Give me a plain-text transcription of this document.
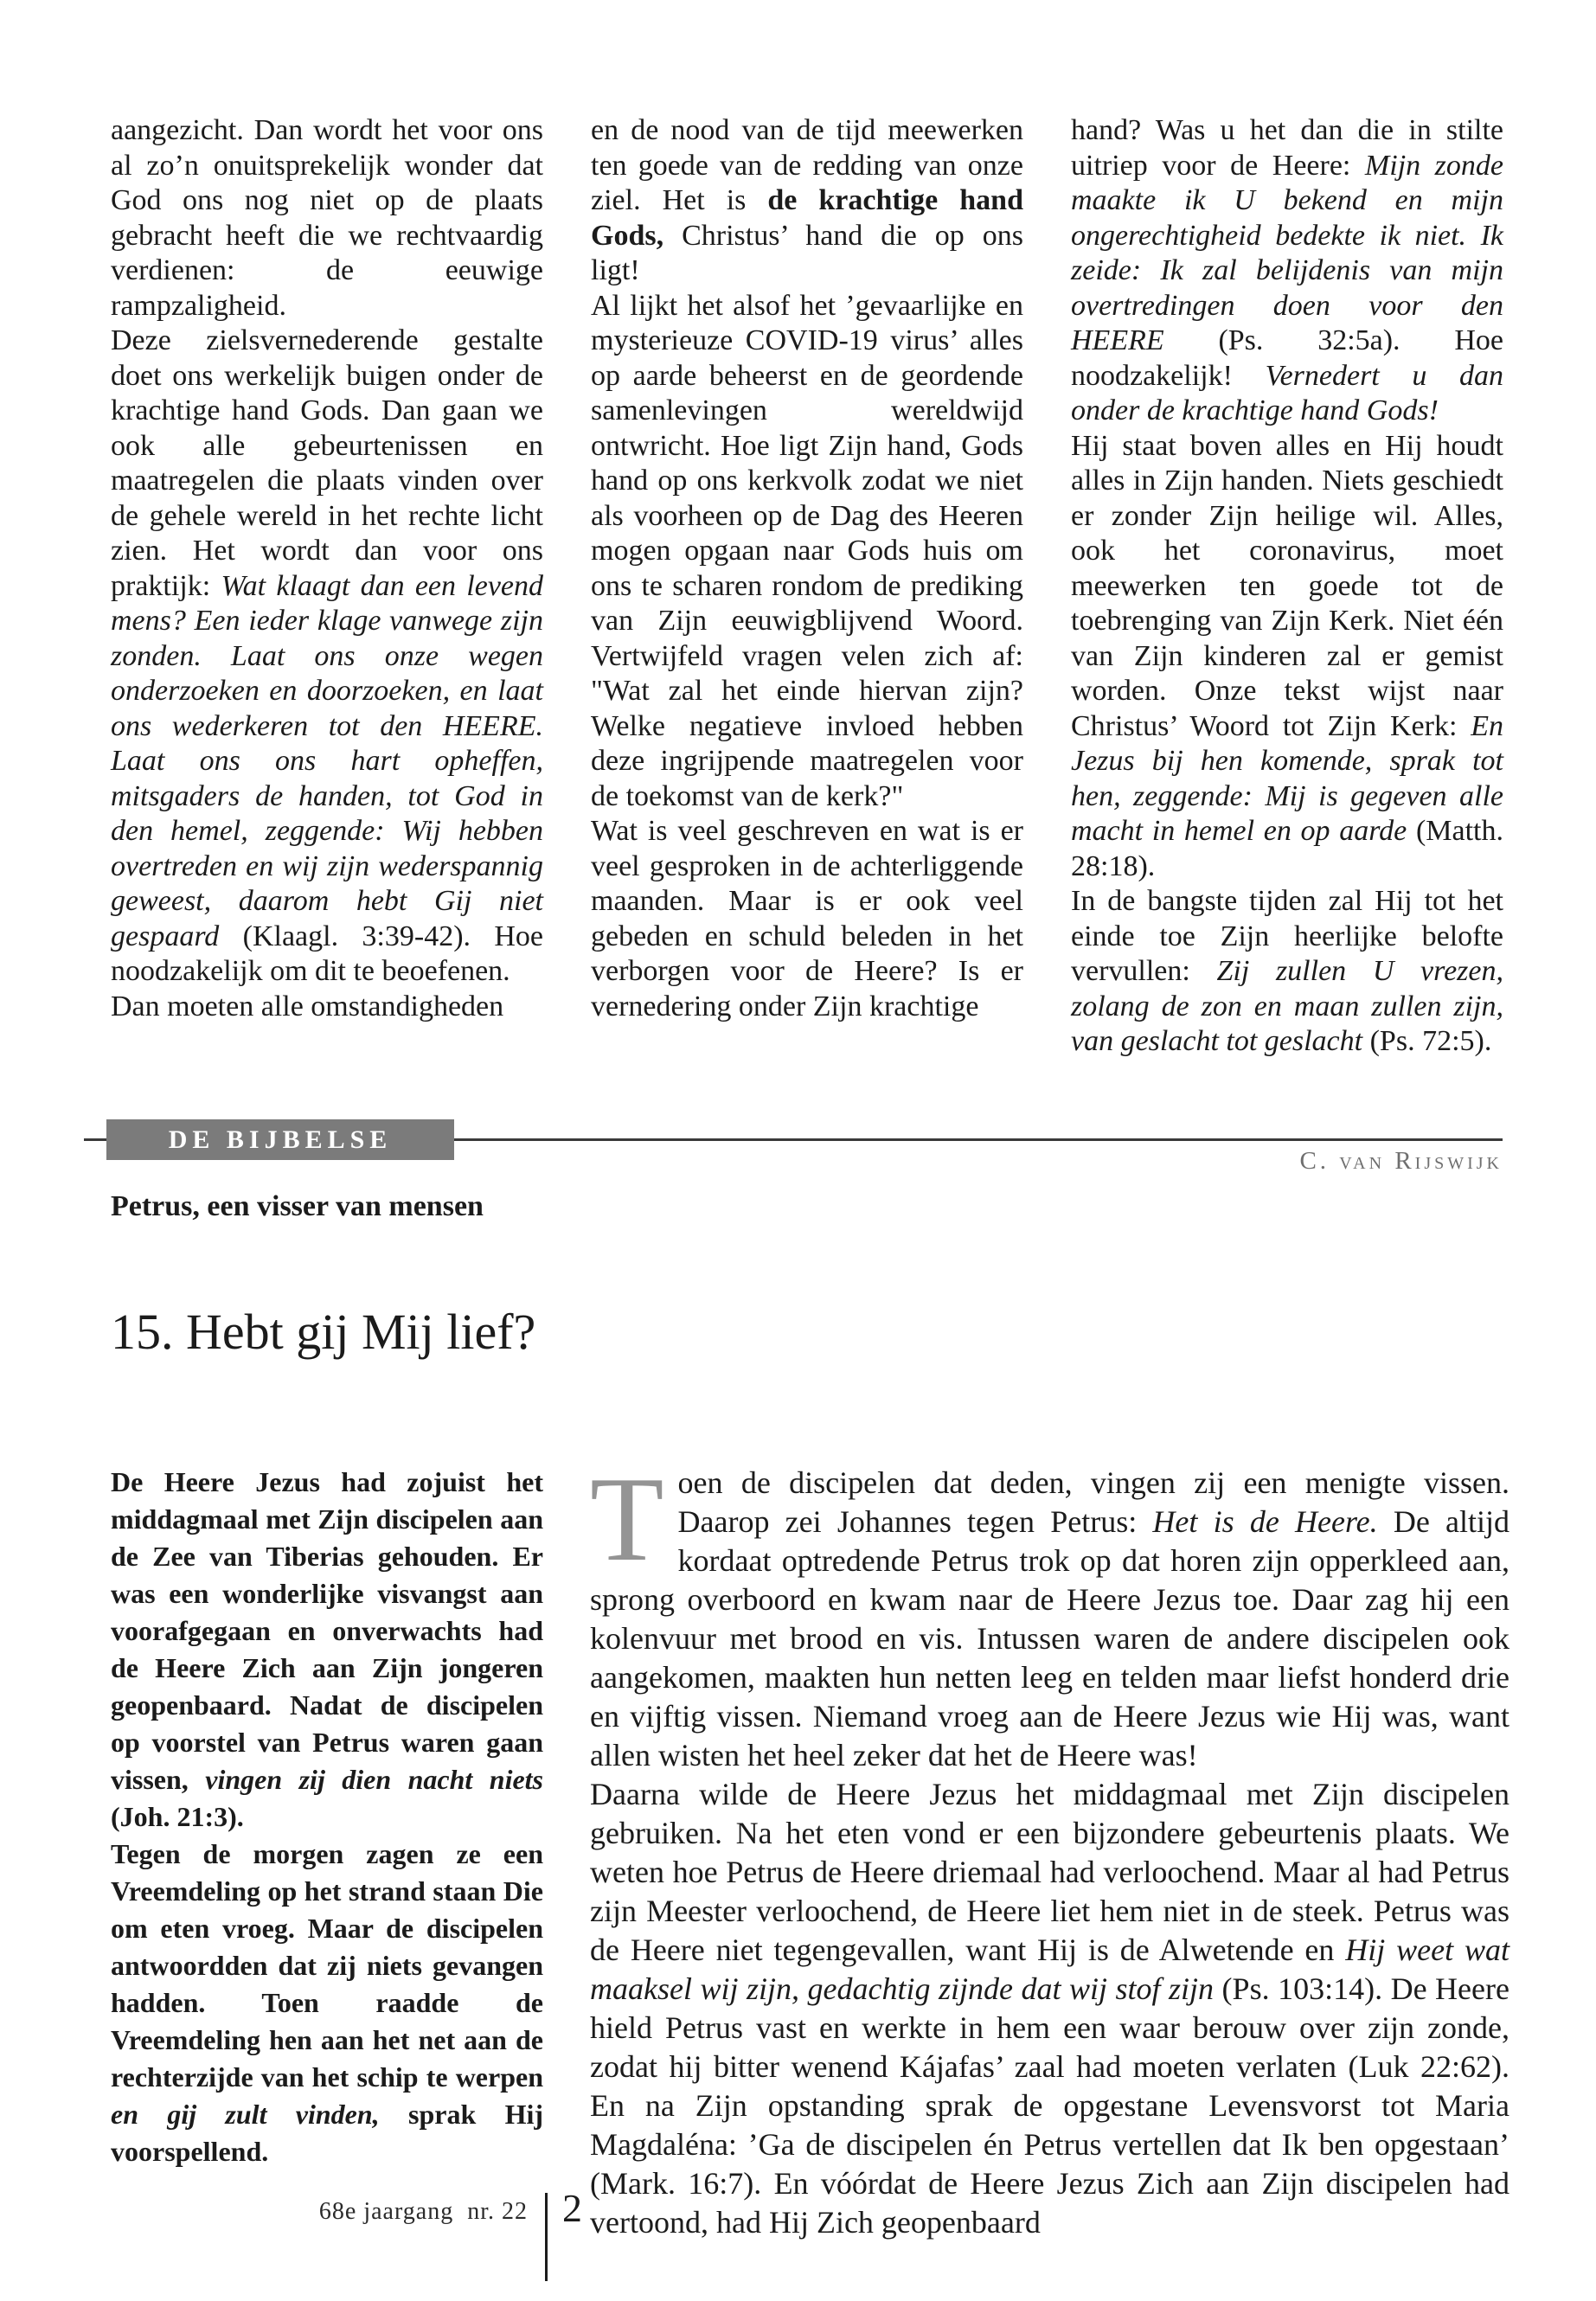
aangezicht. Dan wordt het voor ons al zo’n onuitsprekelijk wonder dat God ons nog niet op de plaats gebracht heeft die we rechtvaardig verdienen: de eeuwige rampzaligheid.

Deze zielsvernederende gestalte doet ons werkelijk buigen onder de krachtige hand Gods. Dan gaan we ook alle gebeurtenissen en maatregelen die plaats vinden over de gehele wereld in het rechte licht zien. Het wordt dan voor ons praktijk: Wat klaagt dan een levend mens? Een ieder klage vanwege zijn zonden. Laat ons onze wegen onderzoeken en doorzoeken, en laat ons wederkeren tot den HEERE. Laat ons ons hart opheffen, mitsgaders de handen, tot God in den hemel, zeggende: Wij hebben overtreden en wij zijn wederspannig geweest, daarom hebt Gij niet gespaard (Klaagl. 3:39-42). Hoe noodzakelijk om dit te beoefenen.

Dan moeten alle omstandigheden

en de nood van de tijd meewerken ten goede van de redding van onze ziel. Het is de krachtige hand Gods, Christus’ hand die op ons ligt!

Al lijkt het alsof het ’gevaarlijke en mysterieuze COVID-19 virus’ alles op aarde beheerst en de geordende samenlevingen wereldwijd ontwricht. Hoe ligt Zijn hand, Gods hand op ons kerkvolk zodat we niet als voorheen op de Dag des Heeren mogen opgaan naar Gods huis om ons te scharen rondom de prediking van Zijn eeuwigblijvend Woord. Vertwijfeld vragen velen zich af: "Wat zal het einde hiervan zijn? Welke negatieve invloed hebben deze ingrijpende maatregelen voor de toekomst van de kerk?"

Wat is veel geschreven en wat is er veel gesproken in de achterliggende maanden. Maar is er ook veel gebeden en schuld beleden in het verborgen voor de Heere? Is er vernedering onder Zijn krachtige

hand? Was u het dan die in stilte uitriep voor de Heere: Mijn zonde maakte ik U bekend en mijn ongerechtigheid bedekte ik niet. Ik zeide: Ik zal belijdenis van mijn overtredingen doen voor den HEERE (Ps. 32:5a). Hoe noodzakelijk! Vernedert u dan onder de krachtige hand Gods!

Hij staat boven alles en Hij houdt alles in Zijn handen. Niets geschiedt er zonder Zijn heilige wil. Alles, ook het coronavirus, moet meewerken ten goede tot de toebrenging van Zijn Kerk. Niet één van Zijn kinderen zal er gemist worden. Onze tekst wijst naar Christus’ Woord tot Zijn Kerk: En Jezus bij hen komende, sprak tot hen, zeggende: Mij is gegeven alle macht in hemel en op aarde (Matth. 28:18).

In de bangste tijden zal Hij tot het einde toe Zijn heerlijke belofte vervullen: Zij zullen U vrezen, zolang de zon en maan zullen zijn, van geslacht tot geslacht (Ps. 72:5).

DE BIJBELSE GESCHIEDENIS
C. van Rijswijk
Petrus, een visser van mensen
15. Hebt gij Mij lief?

De Heere Jezus had zojuist het middagmaal met Zijn discipelen aan de Zee van Tiberias gehouden. Er was een wonderlijke visvangst aan voorafgegaan en onverwachts had de Heere Zich aan Zijn jongeren geopenbaard. Nadat de discipelen op voorstel van Petrus waren gaan vissen, vingen zij dien nacht niets (Joh. 21:3).

Tegen de morgen zagen ze een Vreemdeling op het strand staan Die om eten vroeg. Maar de discipelen antwoordden dat zij niets gevangen hadden. Toen raadde de Vreemdeling hen aan het net aan de rechterzijde van het schip te werpen en gij zult vinden, sprak Hij voorspellend.

Toen de discipelen dat deden, vingen zij een menigte vissen. Daarop zei Johannes tegen Petrus: Het is de Heere. De altijd kordaat optredende Petrus trok op dat horen zijn opperkleed aan, sprong overboord en kwam naar de Heere Jezus toe. Daar zag hij een kolenvuur met brood en vis. Intussen waren de andere discipelen ook aangekomen, maakten hun netten leeg en telden maar liefst honderd drie en vijftig vissen. Niemand vroeg aan de Heere Jezus wie Hij was, want allen wisten het heel zeker dat het de Heere was!

Daarna wilde de Heere Jezus het middagmaal met Zijn discipelen gebruiken. Na het eten vond er een bijzondere gebeurtenis plaats. We weten hoe Petrus de Heere driemaal had verloochend. Maar al had Petrus zijn Meester verloochend, de Heere liet hem niet in de steek. Petrus was de Heere niet tegengevallen, want Hij is de Alwetende en Hij weet wat maaksel wij zijn, gedachtig zijnde dat wij stof zijn (Ps. 103:14). De Heere hield Petrus vast en werkte in hem een waar berouw over zijn zonde, zodat hij bitter wenend Kájafas’ zaal had moeten verlaten (Luk 22:62). En na Zijn opstanding sprak de opgestane Levensvorst tot Maria Magdaléna: ’Ga de discipelen én Petrus vertellen dat Ik ben opgestaan’ (Mark. 16:7). En vóórdat de Heere Jezus Zich aan Zijn discipelen had vertoond, had Hij Zich geopenbaard

68e jaargang  nr. 22 2
